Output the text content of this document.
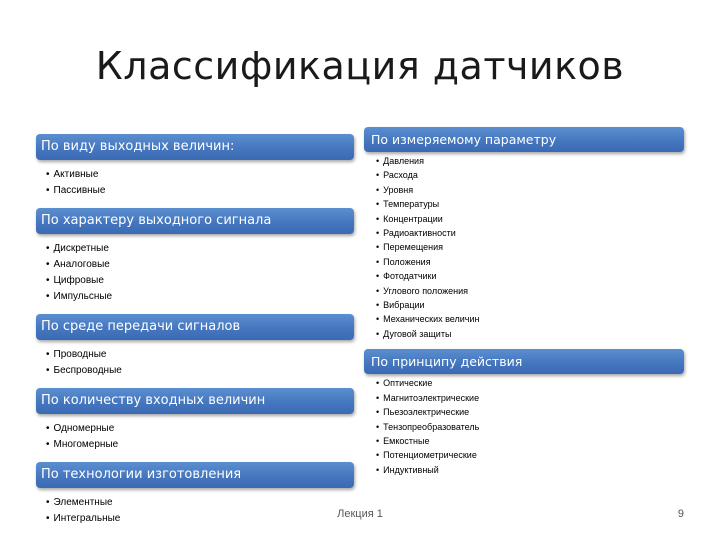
Классификация датчиков
По виду выходных величин:
• Активные
• Пассивные
По характеру выходного сигнала
• Дискретные
• Аналоговые
• Цифровые
• Импульсные
По среде передачи сигналов
• Проводные
• Беспроводные
По количеству входных величин
• Одномерные
• Многомерные
По технологии изготовления
• Элементные
• Интегральные
По измеряемому параметру
• Давления
• Расхода
• Уровня
• Температуры
• Концентрации
• Радиоактивности
• Перемещения
• Положения
• Фотодатчики
• Углового положения
• Вибрации
• Механических величин
• Дуговой защиты
По принципу действия
• Оптические
• Магнитоэлектрические
• Пьезоэлектрические
• Тензопреобразователь
• Емкостные
• Потенциометрические
• Индуктивный
Лекция 1	9
